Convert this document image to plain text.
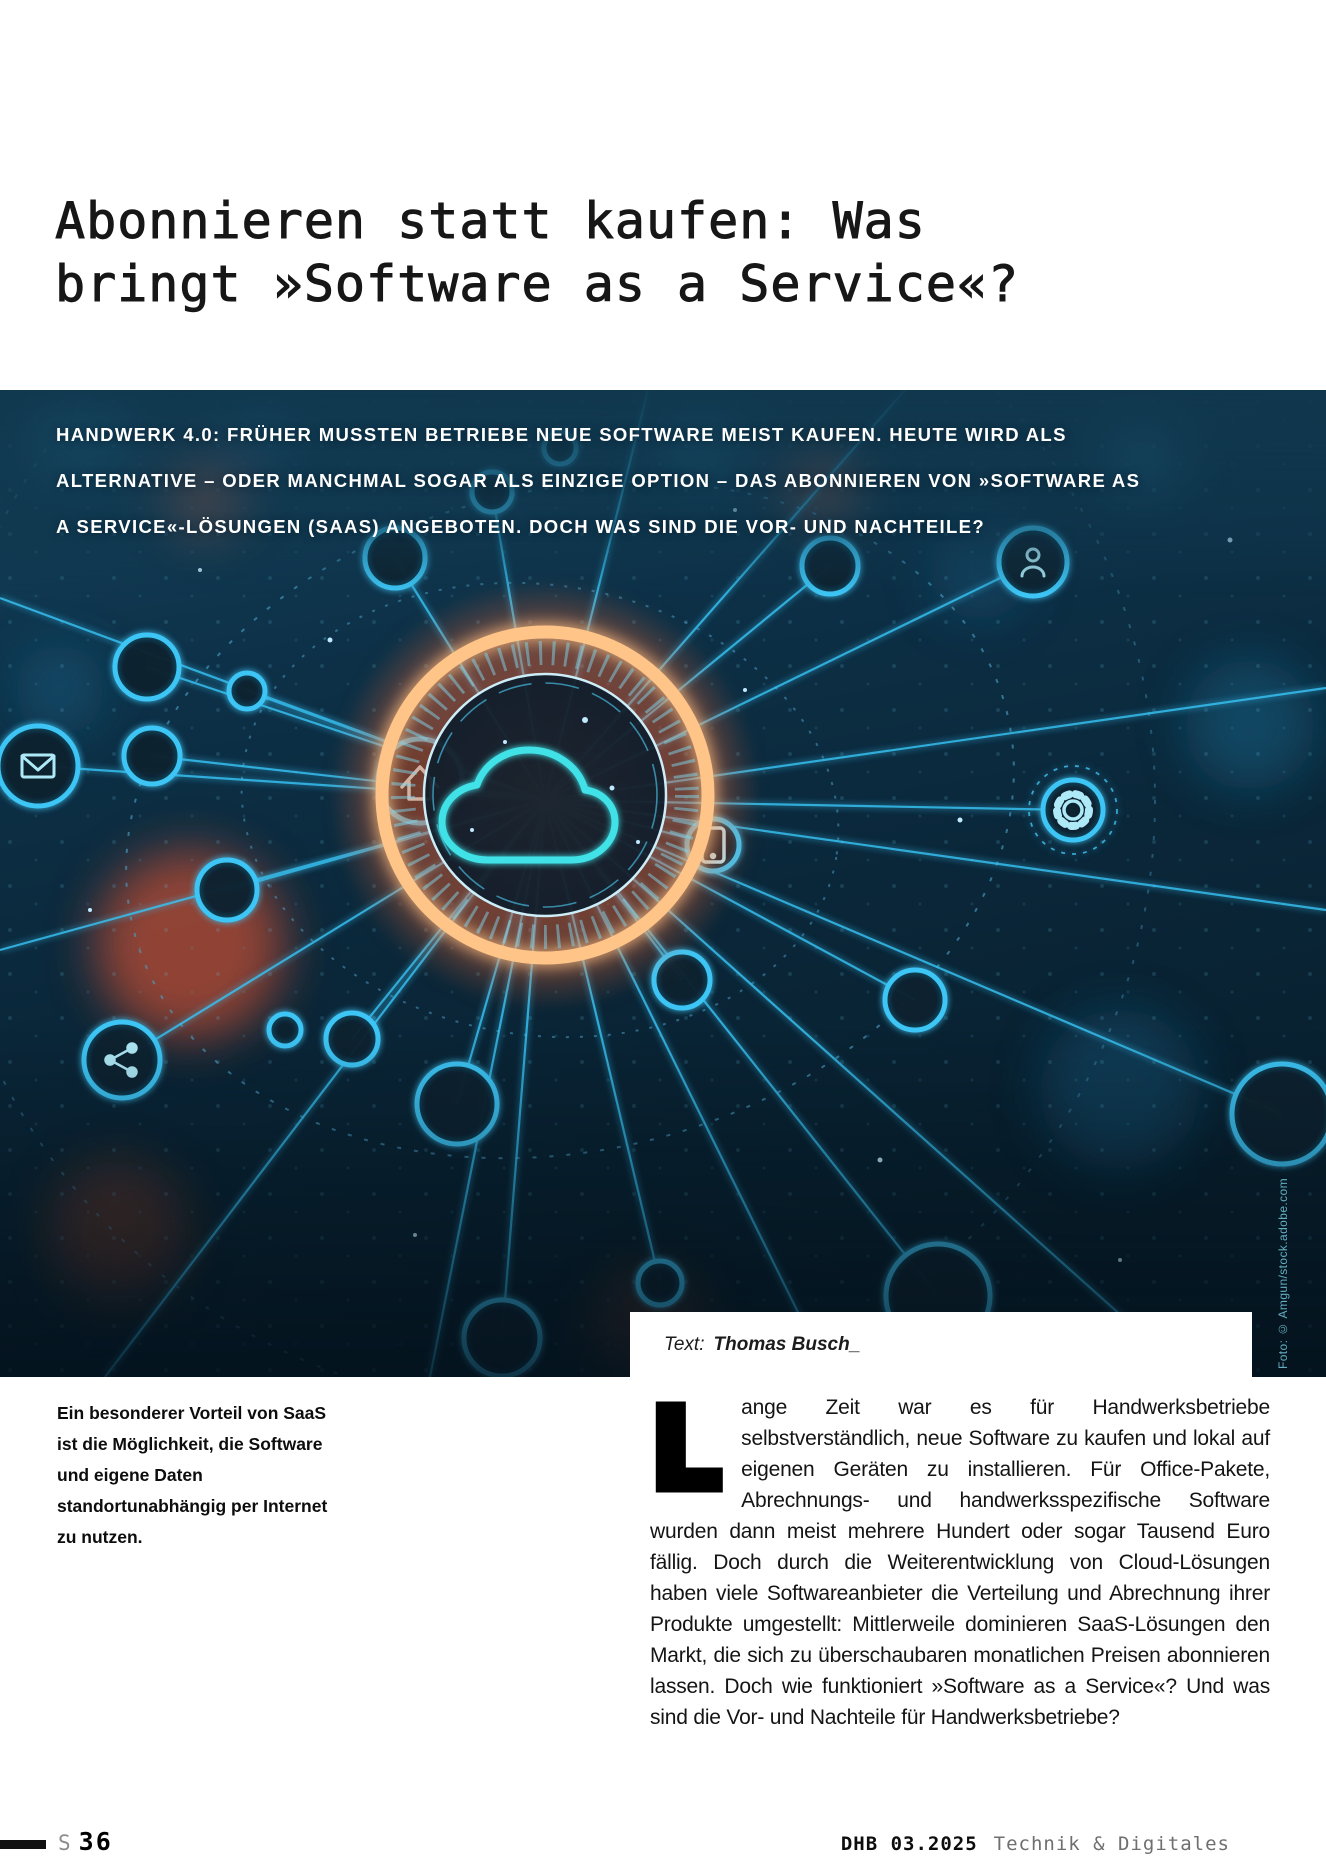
Abonnieren statt kaufen: Was
bringt »Software as a Service«?
HANDWERK 4.0: FRÜHER MUSSTEN BETRIEBE NEUE SOFTWARE MEIST KAUFEN. HEUTE WIRD ALS
ALTERNATIVE – ODER MANCHMAL SOGAR ALS EINZIGE OPTION – DAS ABONNIEREN VON »SOFTWARE AS
A SERVICE«-LÖSUNGEN (SAAS) ANGEBOTEN. DOCH WAS SIND DIE VOR- UND NACHTEILE?
Text: Thomas Busch_	Foto: © Amgun/stock.adobe.com
Ein besonderer Vorteil von SaaS ist die Möglichkeit, die Software und eigene Daten standortunabhängig per Internet zu nutzen.
Lange Zeit war es für Handwerksbetriebe selbstverständlich, neue Software zu kaufen und lokal auf eigenen Geräten zu installieren. Für Office-Pakete, Abrechnungs- und handwerksspezifische Software wurden dann meist mehrere Hundert oder sogar Tausend Euro fällig. Doch durch die Weiterentwicklung von Cloud-Lösungen haben viele Softwareanbieter die Verteilung und Abrechnung ihrer Produkte umgestellt: Mittlerweile dominieren SaaS-Lösungen den Markt, die sich zu überschaubaren monatlichen Preisen abonnieren lassen. Doch wie funktioniert »Software as a Service«? Und was sind die Vor- und Nachteile für Handwerksbetriebe?
S 36	DHB 03.2025 Technik & Digitales
